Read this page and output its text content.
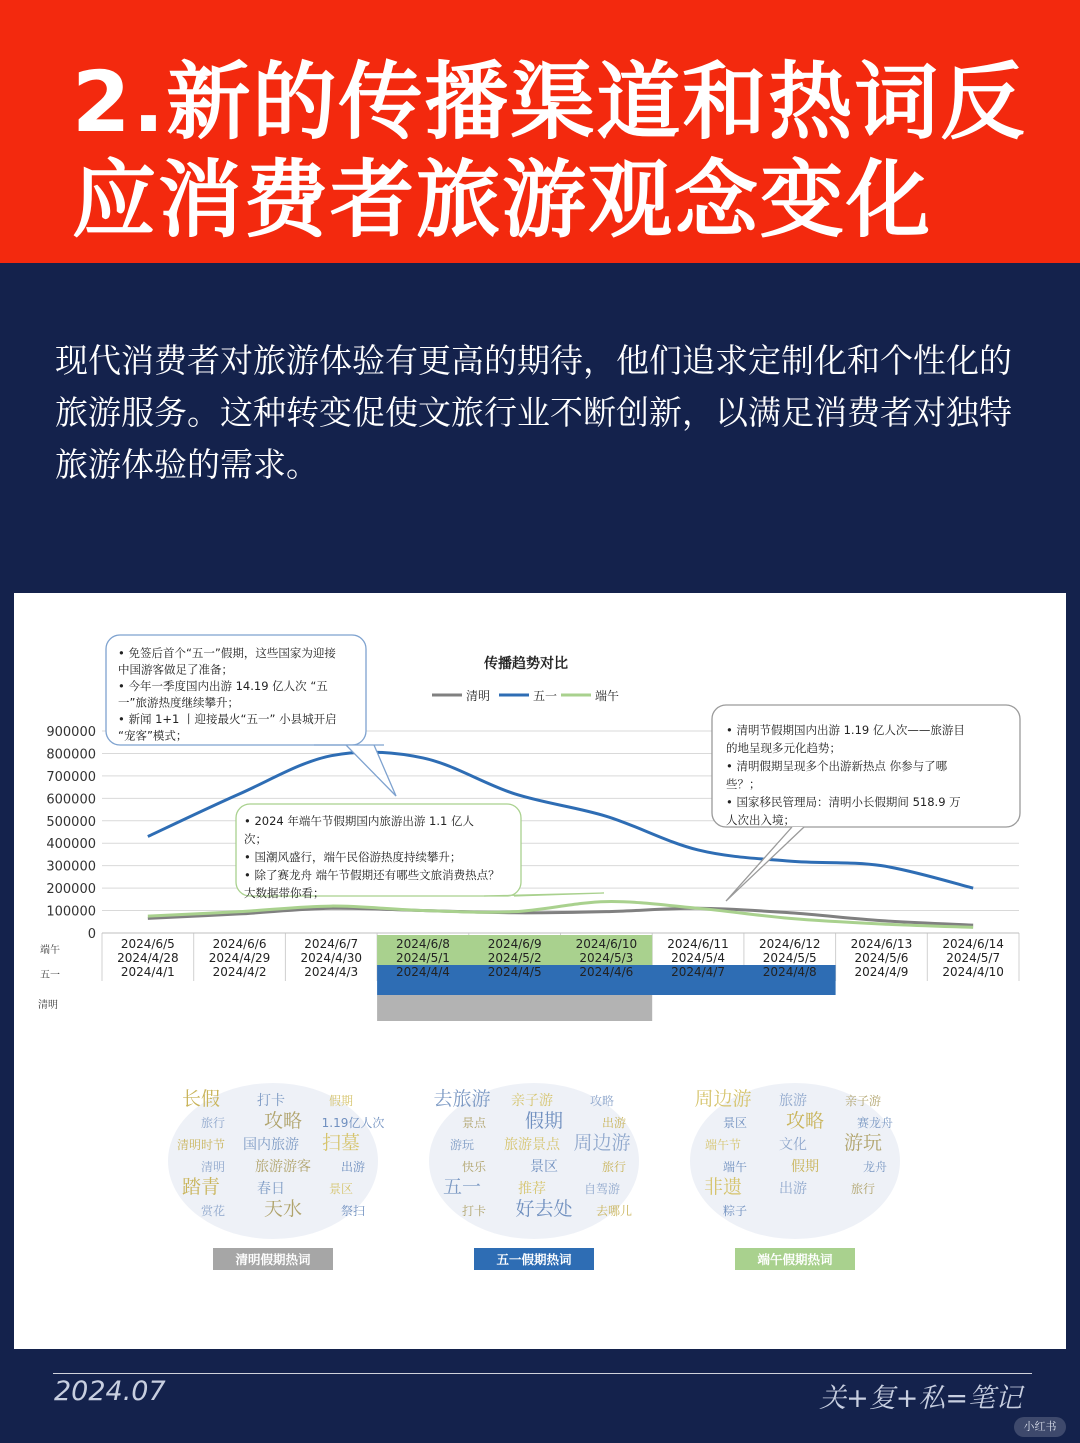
2.新的传播渠道和热词反
应消费者旅游观念变化
现代消费者对旅游体验有更高的期待，他们追求定制化和个性化的旅游服务。这种转变促使文旅行业不断创新，以满足消费者对独特旅游体验的需求。
• 免签后首个“五一”假期，这些国家为迎接
中国游客做足了准备；
• 今年一季度国内出游 14.19 亿人次 “五
一”旅游热度继续攀升；
• 新闻 1+1 丨迎接最火“五一” 小县城开启
“宠客”模式；	• 清明节假期国内出游 1.19 亿人次——旅游目
的地呈现多元化趋势；
• 清明假期呈现多个出游新热点 你参与了哪
些？；
• 国家移民管理局：清明小长假期间 518.9 万
人次出入境；
• 2024 年端午节假期国内旅游出游 1.1 亿人
次；
• 国潮风盛行，端午民俗游热度持续攀升；
• 除了赛龙舟 端午节假期还有哪些文旅消费热点？
大数据带你看；
900000
800000
700000
600000
500000
400000
300000
200000
100000
0
2024/6/5	2024/6/6	2024/6/7	2024/6/8	2024/6/9	2024/6/10	2024/6/11	2024/6/12	2024/6/13	2024/6/14
2024/4/28	2024/4/29	2024/4/30	2024/5/1	2024/5/2	2024/5/3	2024/5/4	2024/5/5	2024/5/6	2024/5/7
2024/4/1	2024/4/2	2024/4/3	2024/4/4	2024/4/5	2024/4/6	2024/4/7	2024/4/8	2024/4/9	2024/4/10
端午
五一
清明
传播趋势对比
清明	五一	端午
长假	打卡	假期
旅行 攻略 1.19亿人次
清明时节 国内旅游 扫墓
清明 旅游游客 出游
踏青	春日	景区
赏花 天水	祭扫
清明假期热词
去旅游 亲子游	攻略
景点 假期	出游
游玩 旅游景点 周边游
快乐	景区	旅行
五一	推荐	自驾游
打卡 好去处 去哪儿
五一假期热词
周边游 旅游	亲子游
景区 攻略	赛龙舟
端午节	文化 游玩
端午	假期	龙舟
非遗	出游	旅行
粽子
端午假期热词
2024.07	关+复+私=笔记
小红书
